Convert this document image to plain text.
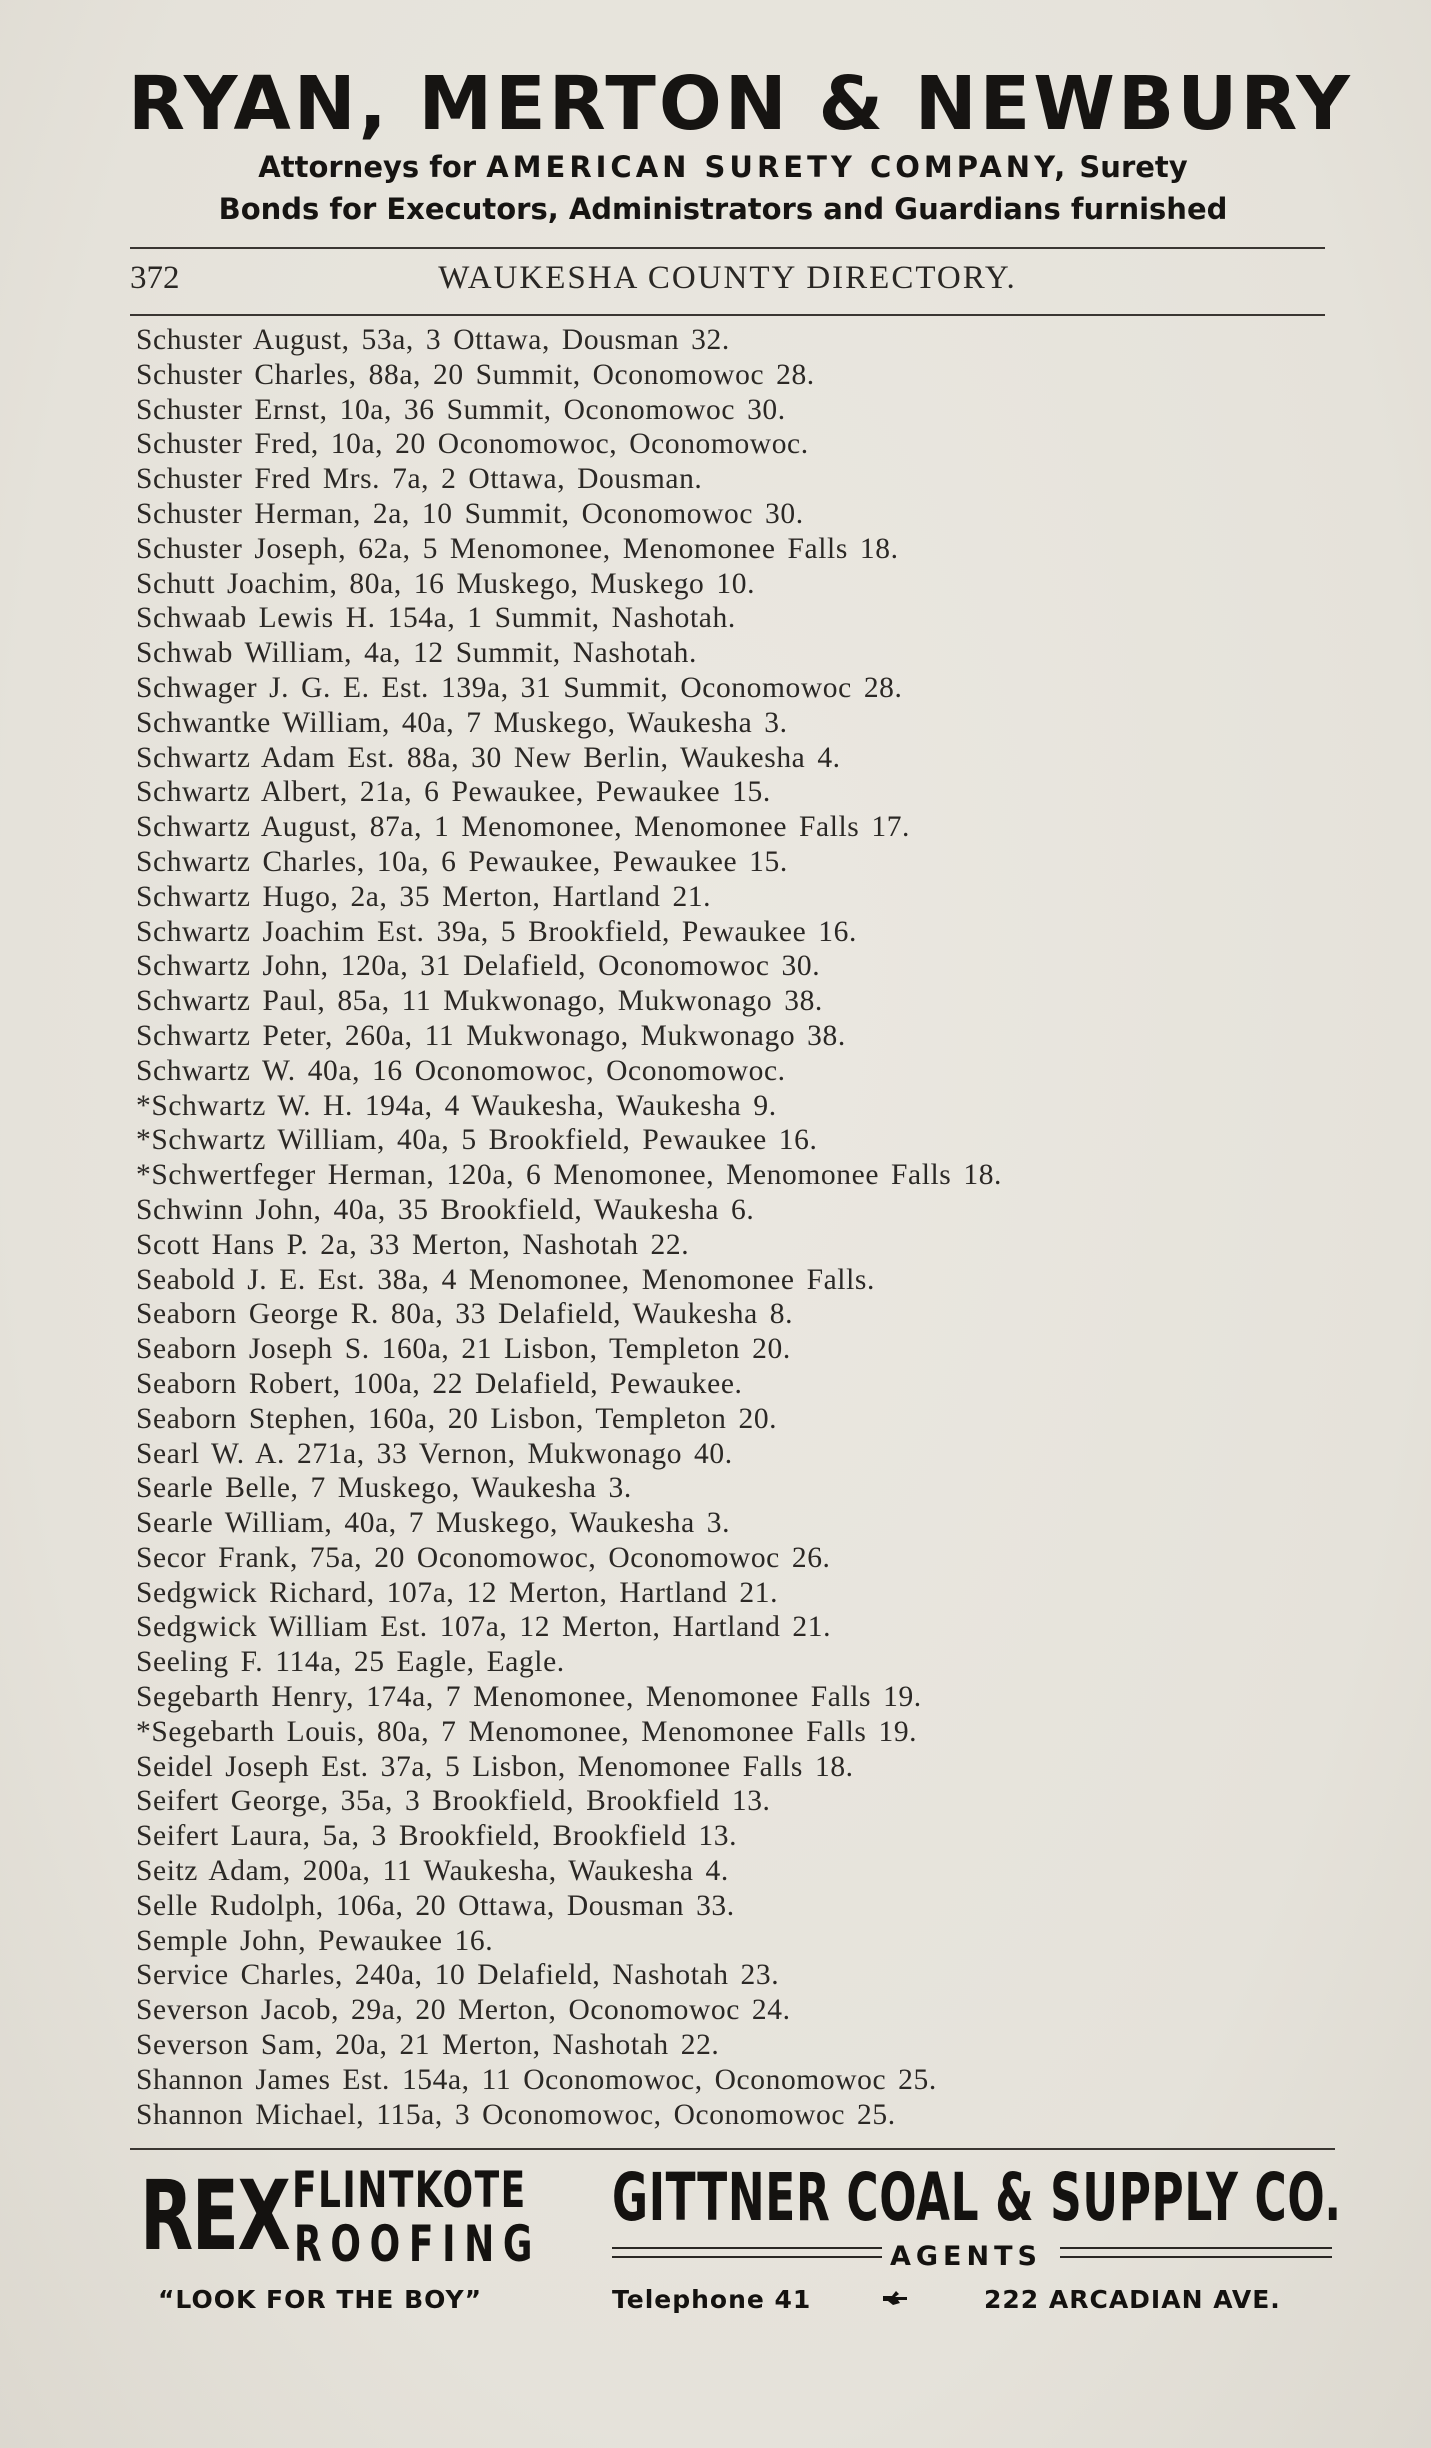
RYAN, MERTON & NEWBURY
Attorneys for AMERICAN SURETY COMPANY, Surety
Bonds for Executors, Administrators and Guardians furnished
372	WAUKESHA COUNTY DIRECTORY.
Schuster August, 53a, 3 Ottawa, Dousman 32.
Schuster Charles, 88a, 20 Summit, Oconomowoc 28.
Schuster Ernst, 10a, 36 Summit, Oconomowoc 30.
Schuster Fred, 10a, 20 Oconomowoc, Oconomowoc.
Schuster Fred Mrs. 7a, 2 Ottawa, Dousman.
Schuster Herman, 2a, 10 Summit, Oconomowoc 30.
Schuster Joseph, 62a, 5 Menomonee, Menomonee Falls 18.
Schutt Joachim, 80a, 16 Muskego, Muskego 10.
Schwaab Lewis H. 154a, 1 Summit, Nashotah.
Schwab William, 4a, 12 Summit, Nashotah.
Schwager J. G. E. Est. 139a, 31 Summit, Oconomowoc 28.
Schwantke William, 40a, 7 Muskego, Waukesha 3.
Schwartz Adam Est. 88a, 30 New Berlin, Waukesha 4.
Schwartz Albert, 21a, 6 Pewaukee, Pewaukee 15.
Schwartz August, 87a, 1 Menomonee, Menomonee Falls 17.
Schwartz Charles, 10a, 6 Pewaukee, Pewaukee 15.
Schwartz Hugo, 2a, 35 Merton, Hartland 21.
Schwartz Joachim Est. 39a, 5 Brookfield, Pewaukee 16.
Schwartz John, 120a, 31 Delafield, Oconomowoc 30.
Schwartz Paul, 85a, 11 Mukwonago, Mukwonago 38.
Schwartz Peter, 260a, 11 Mukwonago, Mukwonago 38.
Schwartz W. 40a, 16 Oconomowoc, Oconomowoc.
*Schwartz W. H. 194a, 4 Waukesha, Waukesha 9.
*Schwartz William, 40a, 5 Brookfield, Pewaukee 16.
*Schwertfeger Herman, 120a, 6 Menomonee, Menomonee Falls 18.
Schwinn John, 40a, 35 Brookfield, Waukesha 6.
Scott Hans P. 2a, 33 Merton, Nashotah 22.
Seabold J. E. Est. 38a, 4 Menomonee, Menomonee Falls.
Seaborn George R. 80a, 33 Delafield, Waukesha 8.
Seaborn Joseph S. 160a, 21 Lisbon, Templeton 20.
Seaborn Robert, 100a, 22 Delafield, Pewaukee.
Seaborn Stephen, 160a, 20 Lisbon, Templeton 20.
Searl W. A. 271a, 33 Vernon, Mukwonago 40.
Searle Belle, 7 Muskego, Waukesha 3.
Searle William, 40a, 7 Muskego, Waukesha 3.
Secor Frank, 75a, 20 Oconomowoc, Oconomowoc 26.
Sedgwick Richard, 107a, 12 Merton, Hartland 21.
Sedgwick William Est. 107a, 12 Merton, Hartland 21.
Seeling F. 114a, 25 Eagle, Eagle.
Segebarth Henry, 174a, 7 Menomonee, Menomonee Falls 19.
*Segebarth Louis, 80a, 7 Menomonee, Menomonee Falls 19.
Seidel Joseph Est. 37a, 5 Lisbon, Menomonee Falls 18.
Seifert George, 35a, 3 Brookfield, Brookfield 13.
Seifert Laura, 5a, 3 Brookfield, Brookfield 13.
Seitz Adam, 200a, 11 Waukesha, Waukesha 4.
Selle Rudolph, 106a, 20 Ottawa, Dousman 33.
Semple John, Pewaukee 16.
Service Charles, 240a, 10 Delafield, Nashotah 23.
Severson Jacob, 29a, 20 Merton, Oconomowoc 24.
Severson Sam, 20a, 21 Merton, Nashotah 22.
Shannon James Est. 154a, 11 Oconomowoc, Oconomowoc 25.
Shannon Michael, 115a, 3 Oconomowoc, Oconomowoc 25.
REX FLINTKOTE
ROOFING
GITTNER COAL & SUPPLY CO.
AGENTS
“LOOK FOR THE BOY”	Telephone 41	222 ARCADIAN AVE.
